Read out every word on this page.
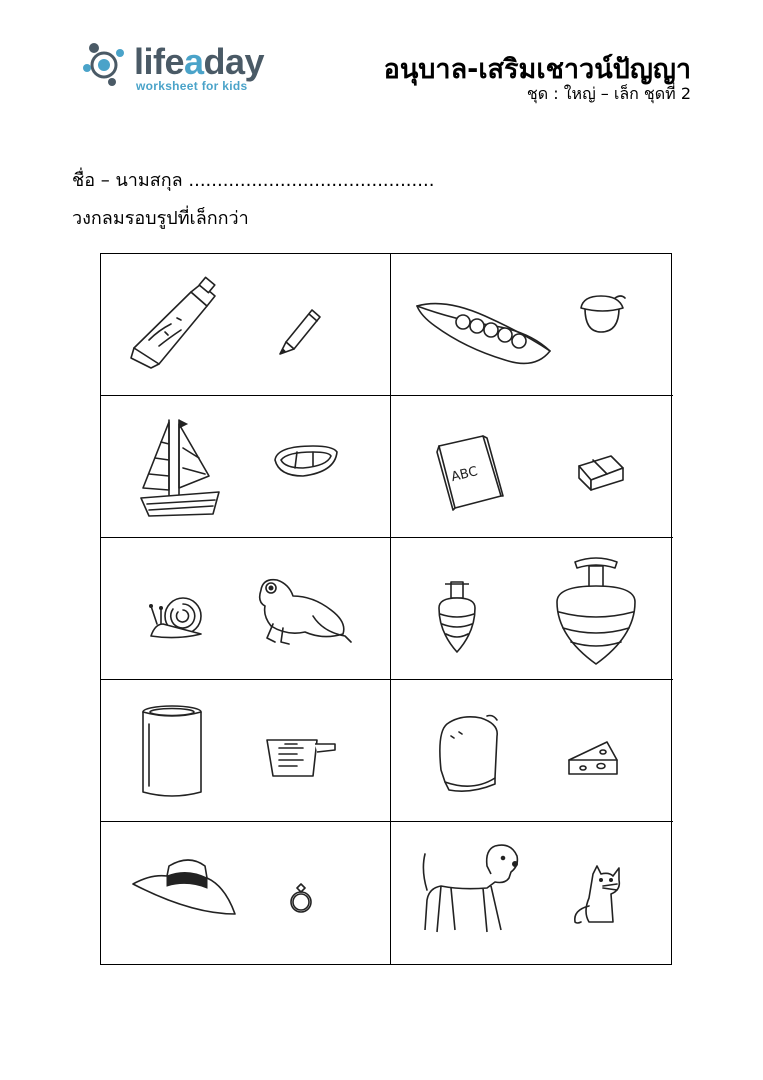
lifeaday
worksheet for kids
อนุบาล-เสริมเชาวน์ปัญญา
ชุด : ใหญ่ – เล็ก ชุดที่ 2
ชื่อ – นามสกุล ...........................................
วงกลมรอบรูปที่เล็กกว่า
ABC
